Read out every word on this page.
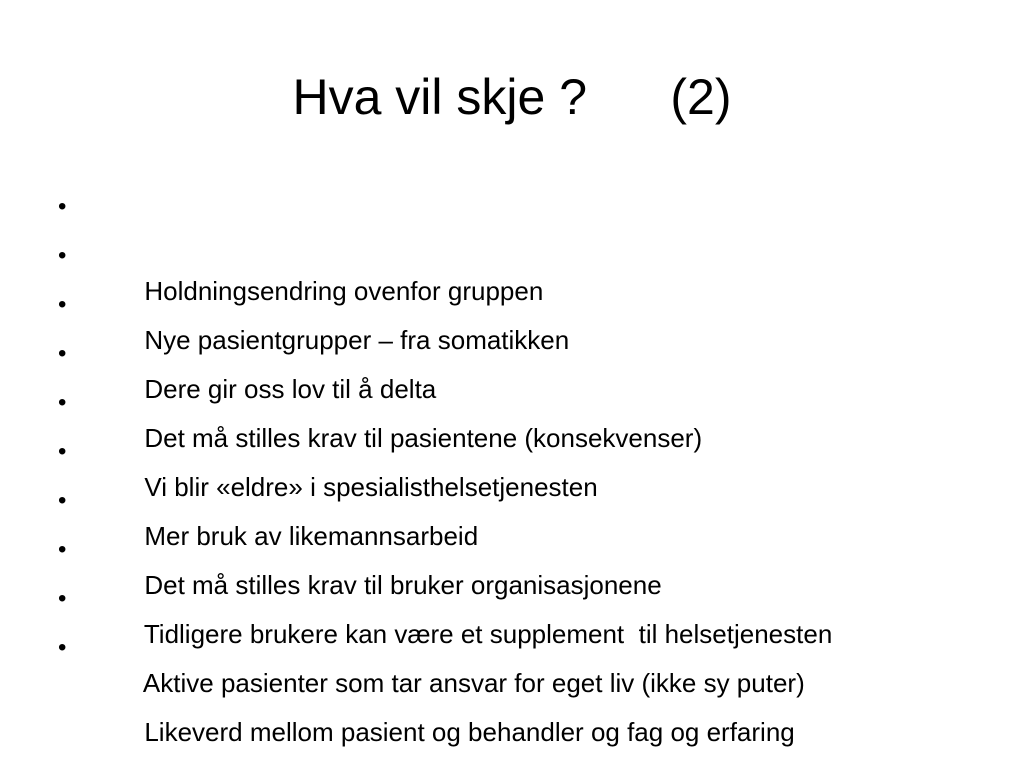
Hva vil skje ?      (2)

•

Holdningsendring ovenfor gruppen

•

Nye pasientgrupper – fra somatikken

•

Dere gir oss lov til å delta

•

Det må stilles krav til pasientene (konsekvenser)

•

Vi blir «eldre» i spesialisthelsetjenesten

•

Mer bruk av likemannsarbeid

•

Det må stilles krav til bruker organisasjonene

•

Tidligere brukere kan være et supplement  til helsetjenesten

•

Aktive pasienter som tar ansvar for eget liv (ikke sy puter)

•

Likeverd mellom pasient og behandler og fag og erfaring
